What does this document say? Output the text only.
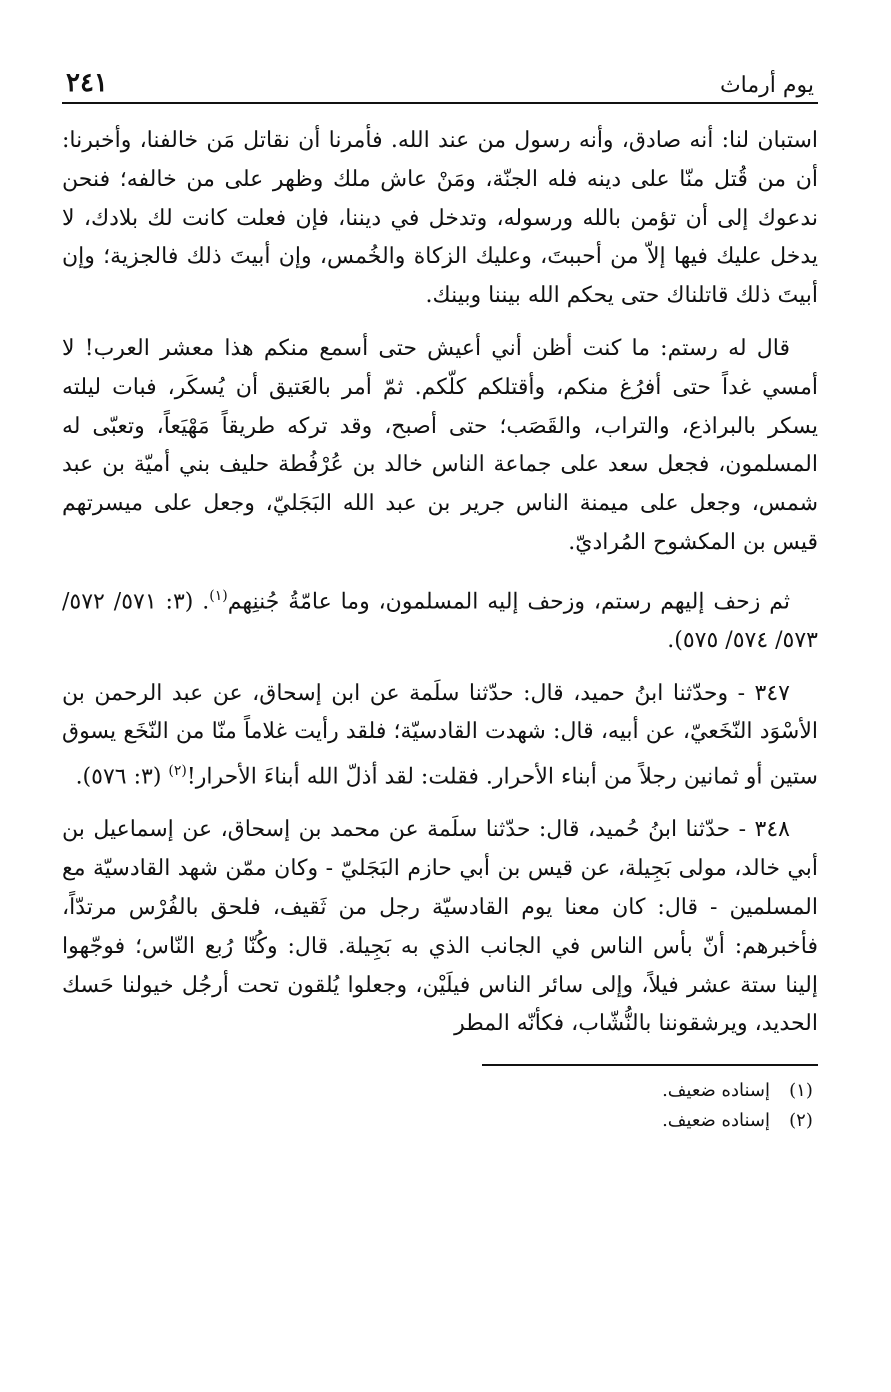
يوم أرماث
٢٤١

استبان لنا: أنه صادق، وأنه رسول من عند الله. فأمرنا أن نقاتل مَن خالفنا، وأخبرنا: أن من قُتل منّا على دينه فله الجنّة، ومَنْ عاش ملك وظهر على من خالفه؛ فنحن ندعوك إلى أن تؤمن بالله ورسوله، وتدخل في ديننا، فإن فعلت كانت لك بلادك، لا يدخل عليك فيها إلاّ من أحببتَ، وعليك الزكاة والخُمس، وإن أبيتَ ذلك فالجزية؛ وإن أبيتَ ذلك قاتلناك حتى يحكم الله بيننا وبينك.

قال له رستم: ما كنت أظن أني أعيش حتى أسمع منكم هذا معشر العرب! لا أمسي غداً حتى أفرُغ منكم، وأقتلكم كلّكم. ثمّ أمر بالعَتيق أن يُسكَر، فبات ليلته يسكر بالبراذع، والتراب، والقَصَب؛ حتى أصبح، وقد تركه طريقاً مَهْيَعاً، وتعبّى له المسلمون، فجعل سعد على جماعة الناس خالد بن عُرْفُطة حليف بني أميّة بن عبد شمس، وجعل على ميمنة الناس جرير بن عبد الله البَجَليّ، وجعل على ميسرتهم قيس بن المكشوح المُراديّ.

ثم زحف إليهم رستم، وزحف إليه المسلمون، وما عامّةُ جُننِهم$^{(١)}$. (٣: ٥٧١/ ٥٧٢/ ٥٧٣/ ٥٧٤/ ٥٧٥).

٣٤٧ - وحدّثنا ابنُ حميد، قال: حدّثنا سلَمة عن ابن إسحاق، عن عبد الرحمن بن الأسْوَد النّخَعيّ، عن أبيه، قال: شهدت القادسيّة؛ فلقد رأيت غلاماً منّا من النّخَع يسوق ستين أو ثمانين رجلاً من أبناء الأحرار. فقلت: لقد أذلّ الله أبناءَ الأحرار!$^{(٢)}$ (٣: ٥٧٦).

٣٤٨ - حدّثنا ابنُ حُميد، قال: حدّثنا سلَمة عن محمد بن إسحاق، عن إسماعيل بن أبي خالد، مولى بَجِيلة، عن قيس بن أبي حازم البَجَليّ - وكان ممّن شهد القادسيّة مع المسلمين - قال: كان معنا يوم القادسيّة رجل من ثَقيف، فلحق بالفُرْس مرتدّاً، فأخبرهم: أنّ بأس الناس في الجانب الذي به بَجِيلة. قال: وكُنّا رُبع النّاس؛ فوجّهوا إلينا ستة عشر فيلاً، وإلى سائر الناس فيلَيْن، وجعلوا يُلقون تحت أرجُل خيولنا حَسك الحديد، ويرشقوننا بالنُّشّاب، فكأنّه المطر

(١)
إسناده ضعيف.
(٢)
إسناده ضعيف.
